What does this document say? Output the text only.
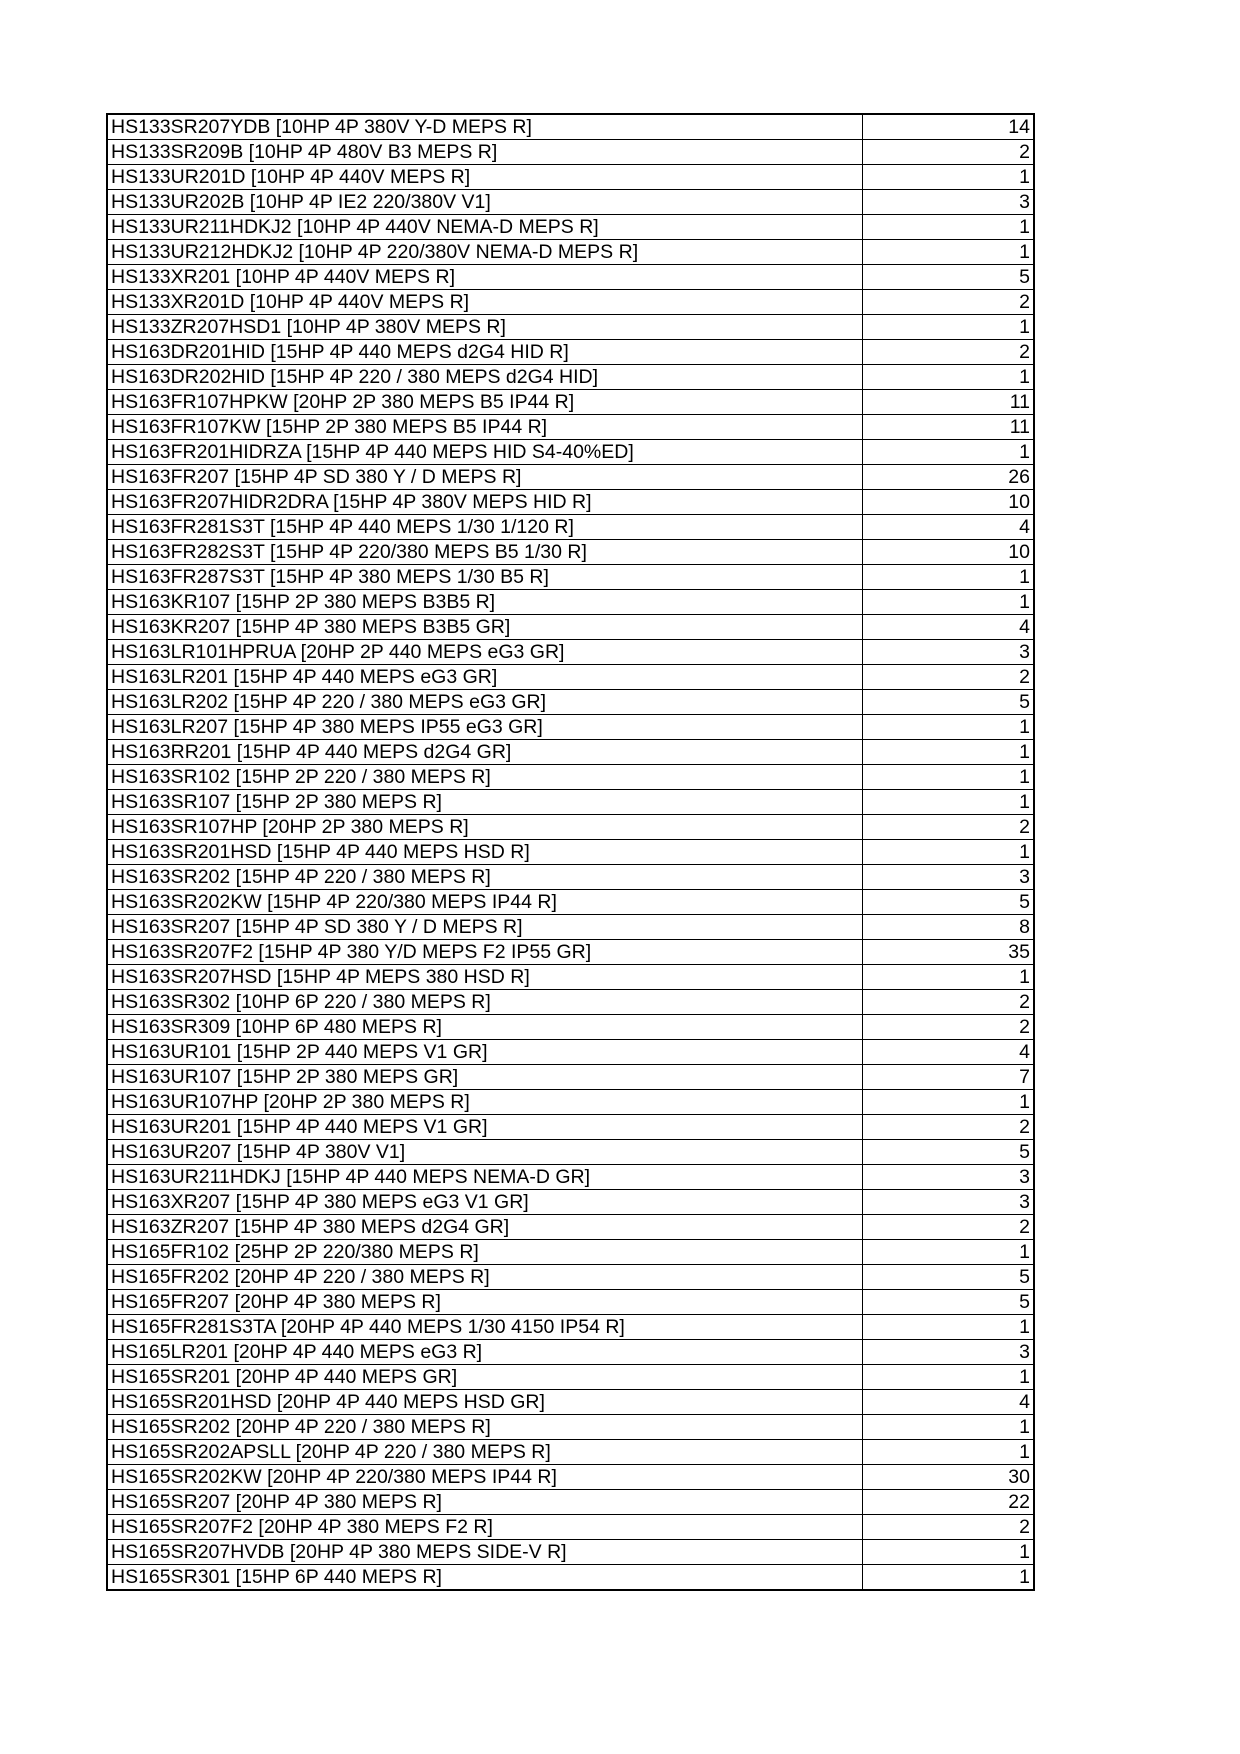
HS133SR207YDB [10HP 4P 380V Y-D MEPS R]	14
HS133SR209B [10HP 4P 480V B3 MEPS R]	2
HS133UR201D [10HP 4P 440V MEPS R]	1
HS133UR202B [10HP 4P IE2 220/380V V1]	3
HS133UR211HDKJ2 [10HP 4P 440V NEMA-D MEPS R]	1
HS133UR212HDKJ2 [10HP 4P 220/380V NEMA-D MEPS R]	1
HS133XR201 [10HP 4P 440V MEPS R]	5
HS133XR201D [10HP 4P 440V MEPS R]	2
HS133ZR207HSD1 [10HP 4P 380V MEPS R]	1
HS163DR201HID [15HP 4P 440 MEPS d2G4 HID R]	2
HS163DR202HID [15HP 4P 220 / 380 MEPS d2G4 HID]	1
HS163FR107HPKW [20HP 2P 380 MEPS B5 IP44 R]	11
HS163FR107KW [15HP 2P 380 MEPS B5 IP44 R]	11
HS163FR201HIDRZA [15HP 4P 440 MEPS HID S4-40%ED]	1
HS163FR207 [15HP 4P SD 380 Y / D MEPS R]	26
HS163FR207HIDR2DRA [15HP 4P 380V MEPS HID R]	10
HS163FR281S3T [15HP 4P 440 MEPS 1/30 1/120 R]	4
HS163FR282S3T [15HP 4P 220/380 MEPS B5 1/30 R]	10
HS163FR287S3T [15HP 4P 380 MEPS 1/30 B5 R]	1
HS163KR107 [15HP 2P 380 MEPS B3B5 R]	1
HS163KR207 [15HP 4P 380 MEPS B3B5 GR]	4
HS163LR101HPRUA [20HP 2P 440 MEPS eG3 GR]	3
HS163LR201 [15HP 4P 440 MEPS eG3 GR]	2
HS163LR202 [15HP 4P 220 / 380 MEPS eG3 GR]	5
HS163LR207 [15HP 4P 380 MEPS IP55 eG3 GR]	1
HS163RR201 [15HP 4P 440 MEPS d2G4 GR]	1
HS163SR102 [15HP 2P 220 / 380 MEPS R]	1
HS163SR107 [15HP 2P 380 MEPS R]	1
HS163SR107HP [20HP 2P 380 MEPS R]	2
HS163SR201HSD [15HP 4P 440 MEPS HSD R]	1
HS163SR202 [15HP 4P 220 / 380 MEPS R]	3
HS163SR202KW [15HP 4P 220/380 MEPS IP44 R]	5
HS163SR207 [15HP 4P SD 380 Y / D MEPS R]	8
HS163SR207F2 [15HP 4P 380 Y/D MEPS F2 IP55 GR]	35
HS163SR207HSD [15HP 4P MEPS 380 HSD R]	1
HS163SR302 [10HP 6P 220 / 380 MEPS R]	2
HS163SR309 [10HP 6P 480 MEPS R]	2
HS163UR101 [15HP 2P 440 MEPS V1 GR]	4
HS163UR107 [15HP 2P 380 MEPS GR]	7
HS163UR107HP [20HP 2P 380 MEPS R]	1
HS163UR201 [15HP 4P 440 MEPS V1 GR]	2
HS163UR207 [15HP 4P 380V V1]	5
HS163UR211HDKJ [15HP 4P 440 MEPS NEMA-D GR]	3
HS163XR207 [15HP 4P 380 MEPS eG3 V1 GR]	3
HS163ZR207 [15HP 4P 380 MEPS d2G4 GR]	2
HS165FR102 [25HP 2P 220/380 MEPS R]	1
HS165FR202 [20HP 4P 220 / 380 MEPS R]	5
HS165FR207 [20HP 4P 380 MEPS R]	5
HS165FR281S3TA [20HP 4P 440 MEPS 1/30 4150 IP54 R]	1
HS165LR201 [20HP 4P 440 MEPS eG3 R]	3
HS165SR201 [20HP 4P 440 MEPS GR]	1
HS165SR201HSD [20HP 4P 440 MEPS HSD GR]	4
HS165SR202 [20HP 4P 220 / 380 MEPS R]	1
HS165SR202APSLL [20HP 4P 220 / 380 MEPS R]	1
HS165SR202KW [20HP 4P 220/380 MEPS IP44 R]	30
HS165SR207 [20HP 4P 380 MEPS R]	22
HS165SR207F2 [20HP 4P 380 MEPS F2 R]	2
HS165SR207HVDB [20HP 4P 380 MEPS SIDE-V R]	1
HS165SR301 [15HP 6P 440 MEPS R]	1
